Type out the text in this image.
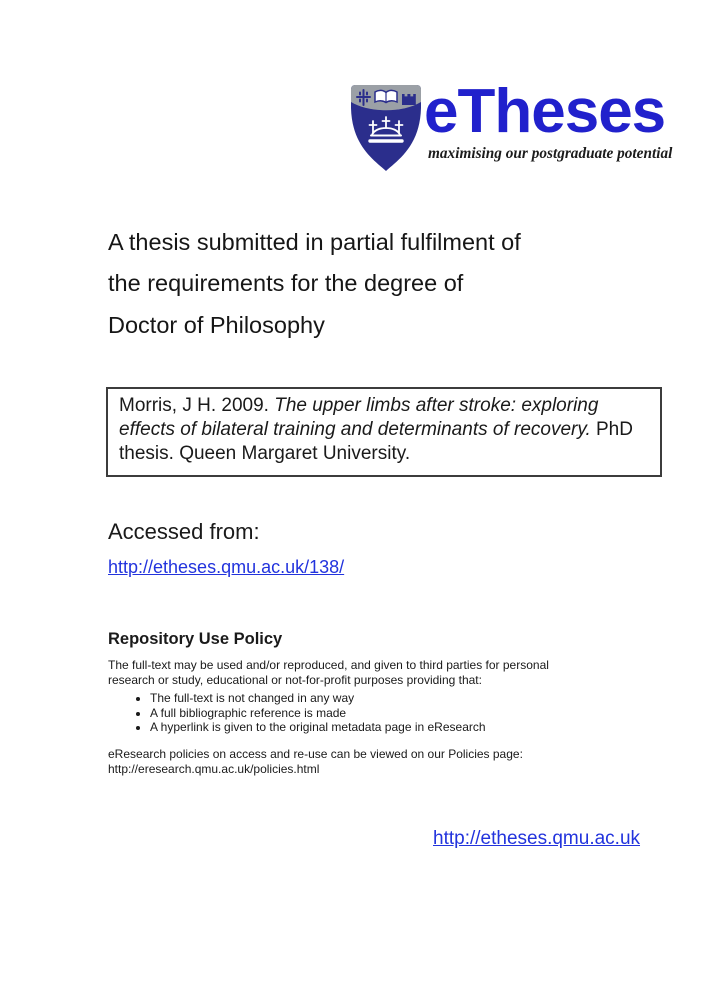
eTheses
maximising our postgraduate potential
A thesis submitted in partial fulfilment of
the requirements for the degree of
Doctor of Philosophy
Morris, J H. 2009. The upper limbs after stroke: exploring
effects of bilateral training and determinants of recovery. PhD
thesis. Queen Margaret University.
Accessed from:
http://etheses.qmu.ac.uk/138/
Repository Use Policy
The full-text may be used and/or reproduced, and given to third parties for personal
research or study, educational or not-for-profit purposes providing that:
• The full-text is not changed in any way
• A full bibliographic reference is made
• A hyperlink is given to the original metadata page in eResearch
eResearch policies on access and re-use can be viewed on our Policies page:
http://eresearch.qmu.ac.uk/policies.html
http://etheses.qmu.ac.uk
